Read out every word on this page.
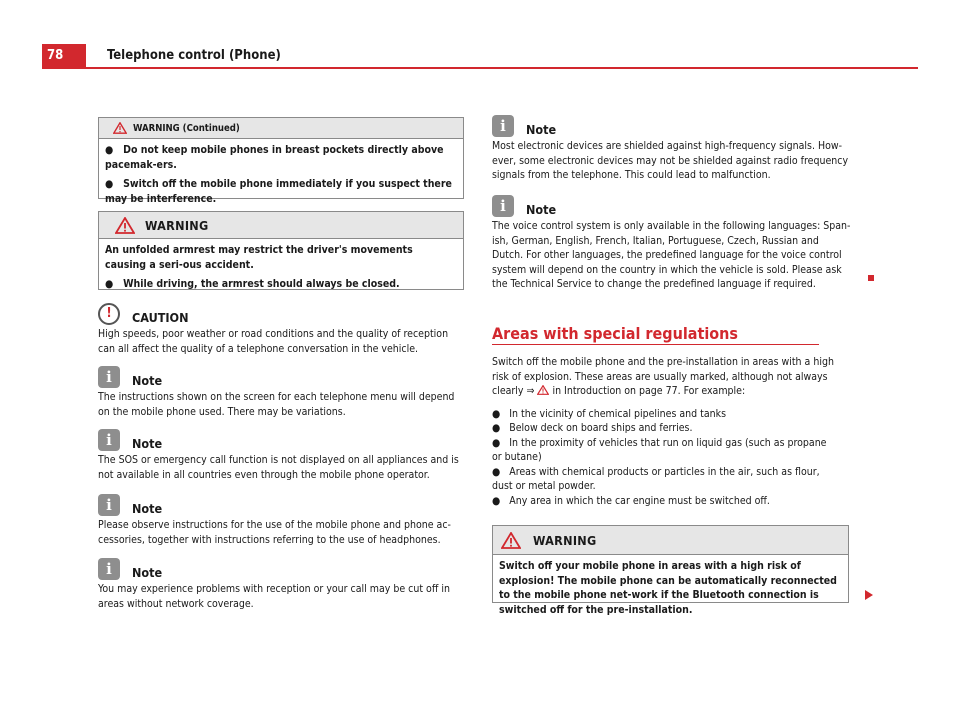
78	Telephone control (Phone)
WARNING (Continued)

●   Do not keep mobile phones in breast pockets directly above pacemak-ers.

●   Switch off the mobile phone immediately if you suspect there may be interference.

WARNING

An unfolded armrest may restrict the driver's movements causing a seri-ous accident.

●   While driving, the armrest should always be closed.

!	CAUTION

High speeds, poor weather or road conditions and the quality of reception can all affect the quality of a telephone conversation in the vehicle.

i	Note

The instructions shown on the screen for each telephone menu will depend on the mobile phone used. There may be variations.

i	Note

The SOS or emergency call function is not displayed on all appliances and is not available in all countries even through the mobile phone operator.

i	Note

Please observe instructions for the use of the mobile phone and phone ac-cessories, together with instructions referring to the use of headphones.

i	Note

You may experience problems with reception or your call may be cut off in areas without network coverage.

i	Note

Most electronic devices are shielded against high-frequency signals. How-ever, some electronic devices may not be shielded against radio frequency signals from the telephone. This could lead to malfunction.

i	Note

The voice control system is only available in the following languages: Span-ish, German, English, French, Italian, Portuguese, Czech, Russian and Dutch. For other languages, the predefined language for the voice control system will depend on the country in which the vehicle is sold. Please ask the Technical Service to change the predefined language if required.

Areas with special regulations

Switch off the mobile phone and the pre-installation in areas with a high risk of explosion. These areas are usually marked, although not always clearly ⇒ in Introduction on page 77. For example:

●   In the vicinity of chemical pipelines and tanks

●   Below deck on board ships and ferries.

●   In the proximity of vehicles that run on liquid gas (such as propane or butane)

●   Areas with chemical products or particles in the air, such as flour, dust or metal powder.

●   Any area in which the car engine must be switched off.

WARNING

Switch off your mobile phone in areas with a high risk of explosion! The mobile phone can be automatically reconnected to the mobile phone net-work if the Bluetooth connection is switched off for the pre-installation.
